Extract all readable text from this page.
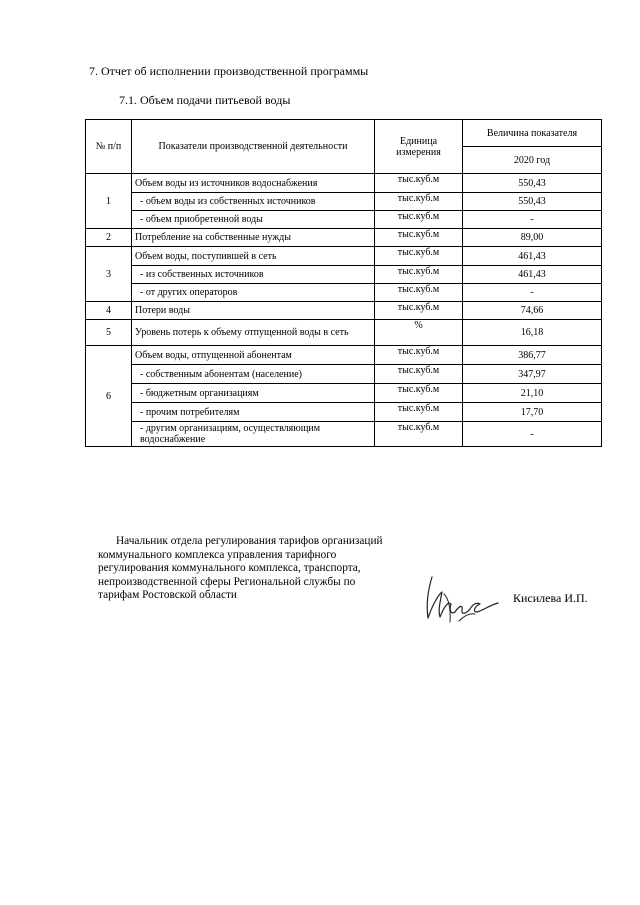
7. Отчет об исполнении производственной программы
7.1. Объем подачи питьевой воды
№ п/п	Показатели производственной деятельности	Единица измерения	Величина показателя
			2020 год
1	Объем воды из источников водоснабжения	тыс.куб.м	550,43
	- объем воды из собственных источников	тыс.куб.м	550,43
	- объем приобретенной воды	тыс.куб.м	-
2	Потребление на собственные нужды	тыс.куб.м	89,00
3	Объем воды, поступившей в сеть	тыс.куб.м	461,43
	- из собственных источников	тыс.куб.м	461,43
	- от других операторов	тыс.куб.м	-
4	Потери воды	тыс.куб.м	74,66
5	Уровень потерь к объему отпущенной воды в сеть	%	16,18
6	Объем воды, отпущенной абонентам	тыс.куб.м	386,77
	- собственным абонентам (население)	тыс.куб.м	347,97
	- бюджетным организациям	тыс.куб.м	21,10
	- прочим потребителям	тыс.куб.м	17,70
	- другим организациям, осуществляющим водоснабжение	тыс.куб.м	-
Начальник отдела регулирования тарифов организаций
коммунального комплекса управления тарифного
регулирования коммунального комплекса, транспорта,
непроизводственной сферы Региональной службы по
тарифам Ростовской области	Кисилева И.П.
